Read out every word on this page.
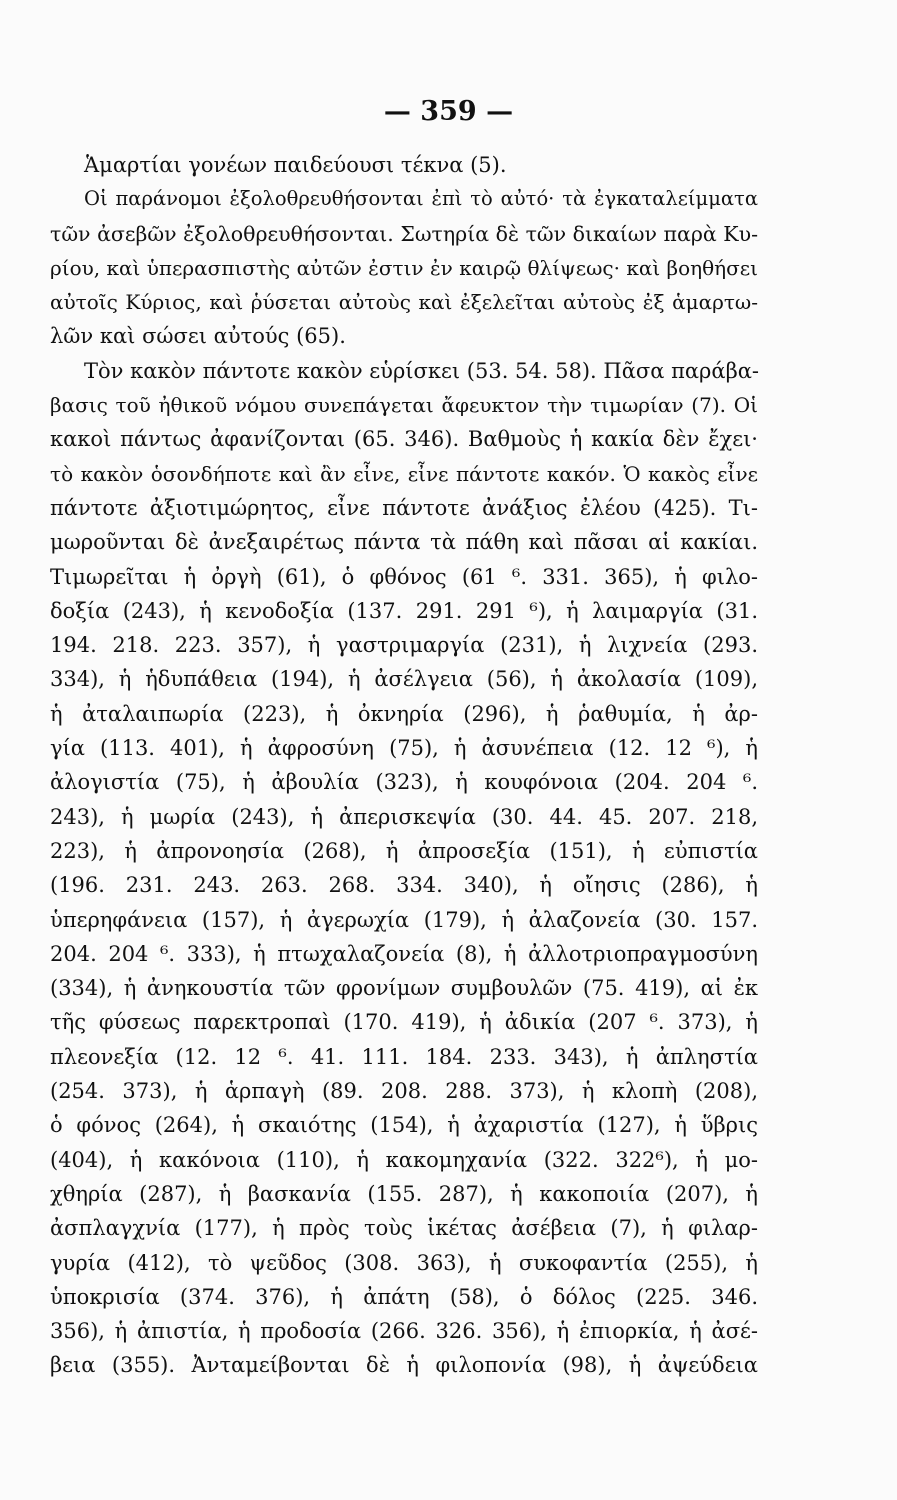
— 359 —
Ἁμαρτίαι γονέων παιδεύουσι τέκνα (5).
Οἱ παράνομοι ἐξολοθρευθήσονται ἐπὶ τὸ αὐτό· τὰ ἐγκαταλείμματα
τῶν ἀσεβῶν ἐξολοθρευθήσονται. Σωτηρία δὲ τῶν δικαίων παρὰ Κυ-
ρίου, καὶ ὑπερασπιστὴς αὐτῶν ἐστιν ἐν καιρῷ θλίψεως· καὶ βοηθήσει
αὐτοῖς Κύριος, καὶ ῥύσεται αὐτοὺς καὶ ἐξελεῖται αὐτοὺς ἐξ ἁμαρτω-
λῶν καὶ σώσει αὐτούς (65).
Τὸν κακὸν πάντοτε κακὸν εὑρίσκει (53. 54. 58). Πᾶσα παράβα-
βασις τοῦ ἠθικοῦ νόμου συνεπάγεται ἄφευκτον τὴν τιμωρίαν (7). Οἱ
κακοὶ πάντως ἀφανίζονται (65. 346). Βαθμοὺς ἡ κακία δὲν ἔχει·
τὸ κακὸν ὁσονδήποτε καὶ ἂν εἶνε, εἶνε πάντοτε κακόν. Ὁ κακὸς εἶνε
πάντοτε ἀξιοτιμώρητος, εἶνε πάντοτε ἀνάξιος ἐλέου (425). Τι-
μωροῦνται δὲ ἀνεξαιρέτως πάντα τὰ πάθη καὶ πᾶσαι αἱ κακίαι.
Τιμωρεῖται ἡ ὀργὴ (61), ὁ φθόνος (61 ⁶. 331. 365), ἡ φιλο-
δοξία (243), ἡ κενοδοξία (137. 291. 291 ⁶), ἡ λαιμαργία (31.
194. 218. 223. 357), ἡ γαστριμαργία (231), ἡ λιχνεία (293.
334), ἡ ἡδυπάθεια (194), ἡ ἀσέλγεια (56), ἡ ἀκολασία (109),
ἡ ἀταλαιπωρία (223), ἡ ὀκνηρία (296), ἡ ῥαθυμία, ἡ ἀρ-
γία (113. 401), ἡ ἀφροσύνη (75), ἡ ἀσυνέπεια (12. 12 ⁶), ἡ
ἀλογιστία (75), ἡ ἀβουλία (323), ἡ κουφόνοια (204. 204 ⁶.
243), ἡ μωρία (243), ἡ ἀπερισκεψία (30. 44. 45. 207. 218,
223), ἡ ἀπρονοησία (268), ἡ ἀπροσεξία (151), ἡ εὐπιστία
(196. 231. 243. 263. 268. 334. 340), ἡ οἴησις (286), ἡ
ὑπερηφάνεια (157), ἡ ἀγερωχία (179), ἡ ἀλαζονεία (30. 157.
204. 204 ⁶. 333), ἡ πτωχαλαζονεία (8), ἡ ἀλλοτριοπραγμοσύνη
(334), ἡ ἀνηκουστία τῶν φρονίμων συμβουλῶν (75. 419), αἱ ἐκ
τῆς φύσεως παρεκτροπαὶ (170. 419), ἡ ἀδικία (207 ⁶. 373), ἡ
πλεονεξία (12. 12 ⁶. 41. 111. 184. 233. 343), ἡ ἀπληστία
(254. 373), ἡ ἁρπαγὴ (89. 208. 288. 373), ἡ κλοπὴ (208),
ὁ φόνος (264), ἡ σκαιότης (154), ἡ ἀχαριστία (127), ἡ ὕβρις
(404), ἡ κακόνοια (110), ἡ κακομηχανία (322. 322⁶), ἡ μο-
χθηρία (287), ἡ βασκανία (155. 287), ἡ κακοποιία (207), ἡ
ἀσπλαγχνία (177), ἡ πρὸς τοὺς ἱκέτας ἀσέβεια (7), ἡ φιλαρ-
γυρία (412), τὸ ψεῦδος (308. 363), ἡ συκοφαντία (255), ἡ
ὑποκρισία (374. 376), ἡ ἀπάτη (58), ὁ δόλος (225. 346.
356), ἡ ἀπιστία, ἡ προδοσία (266. 326. 356), ἡ ἐπιορκία, ἡ ἀσέ-
βεια (355). Ἀνταμείβονται δὲ ἡ φιλοπονία (98), ἡ ἀψεύδεια
